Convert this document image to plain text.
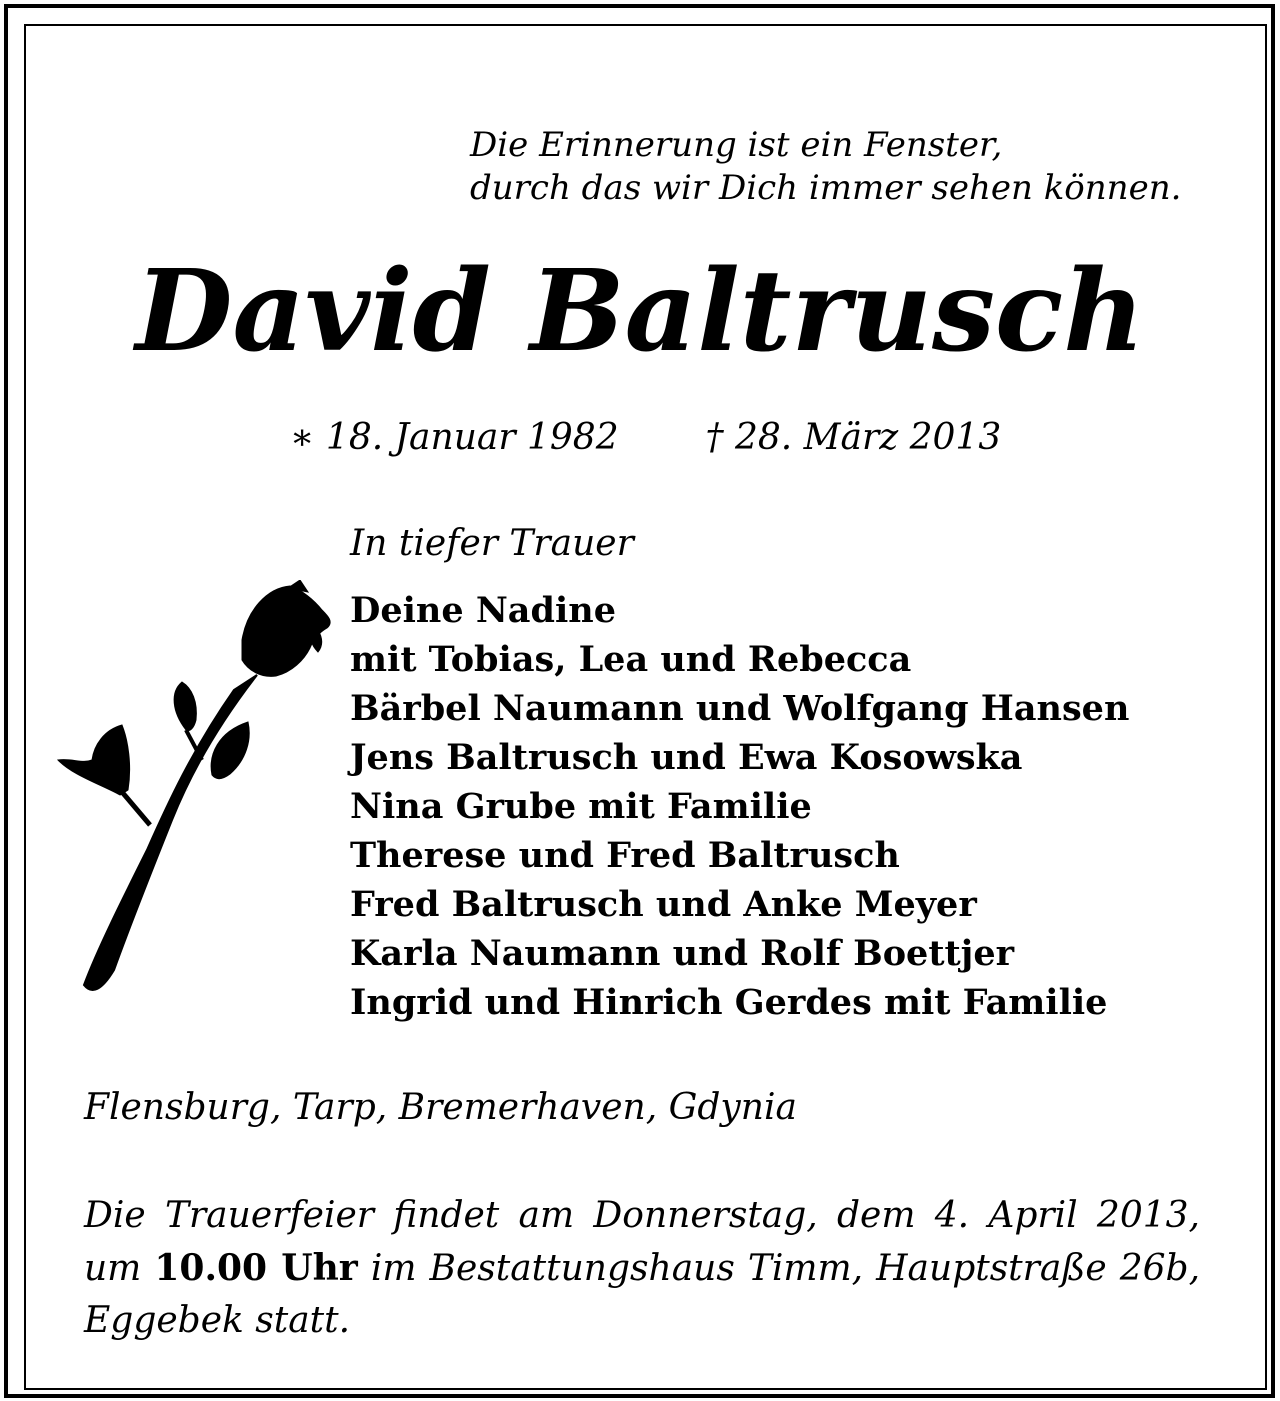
Die Erinnerung ist ein Fenster,
durch das wir Dich immer sehen können.
David Baltrusch
∗ 18. Januar 1982 † 28. März 2013
In tiefer Trauer
Deine Nadine
mit Tobias, Lea und Rebecca
Bärbel Naumann und Wolfgang Hansen
Jens Baltrusch und Ewa Kosowska
Nina Grube mit Familie
Therese und Fred Baltrusch
Fred Baltrusch und Anke Meyer
Karla Naumann und Rolf Boettjer
Ingrid und Hinrich Gerdes mit Familie
Flensburg, Tarp, Bremerhaven, Gdynia
Die Trauerfeier findet am Donnerstag, dem 4. April 2013, um 10.00 Uhr im Bestattungshaus Timm, Hauptstraße 26b, Eggebek statt.
